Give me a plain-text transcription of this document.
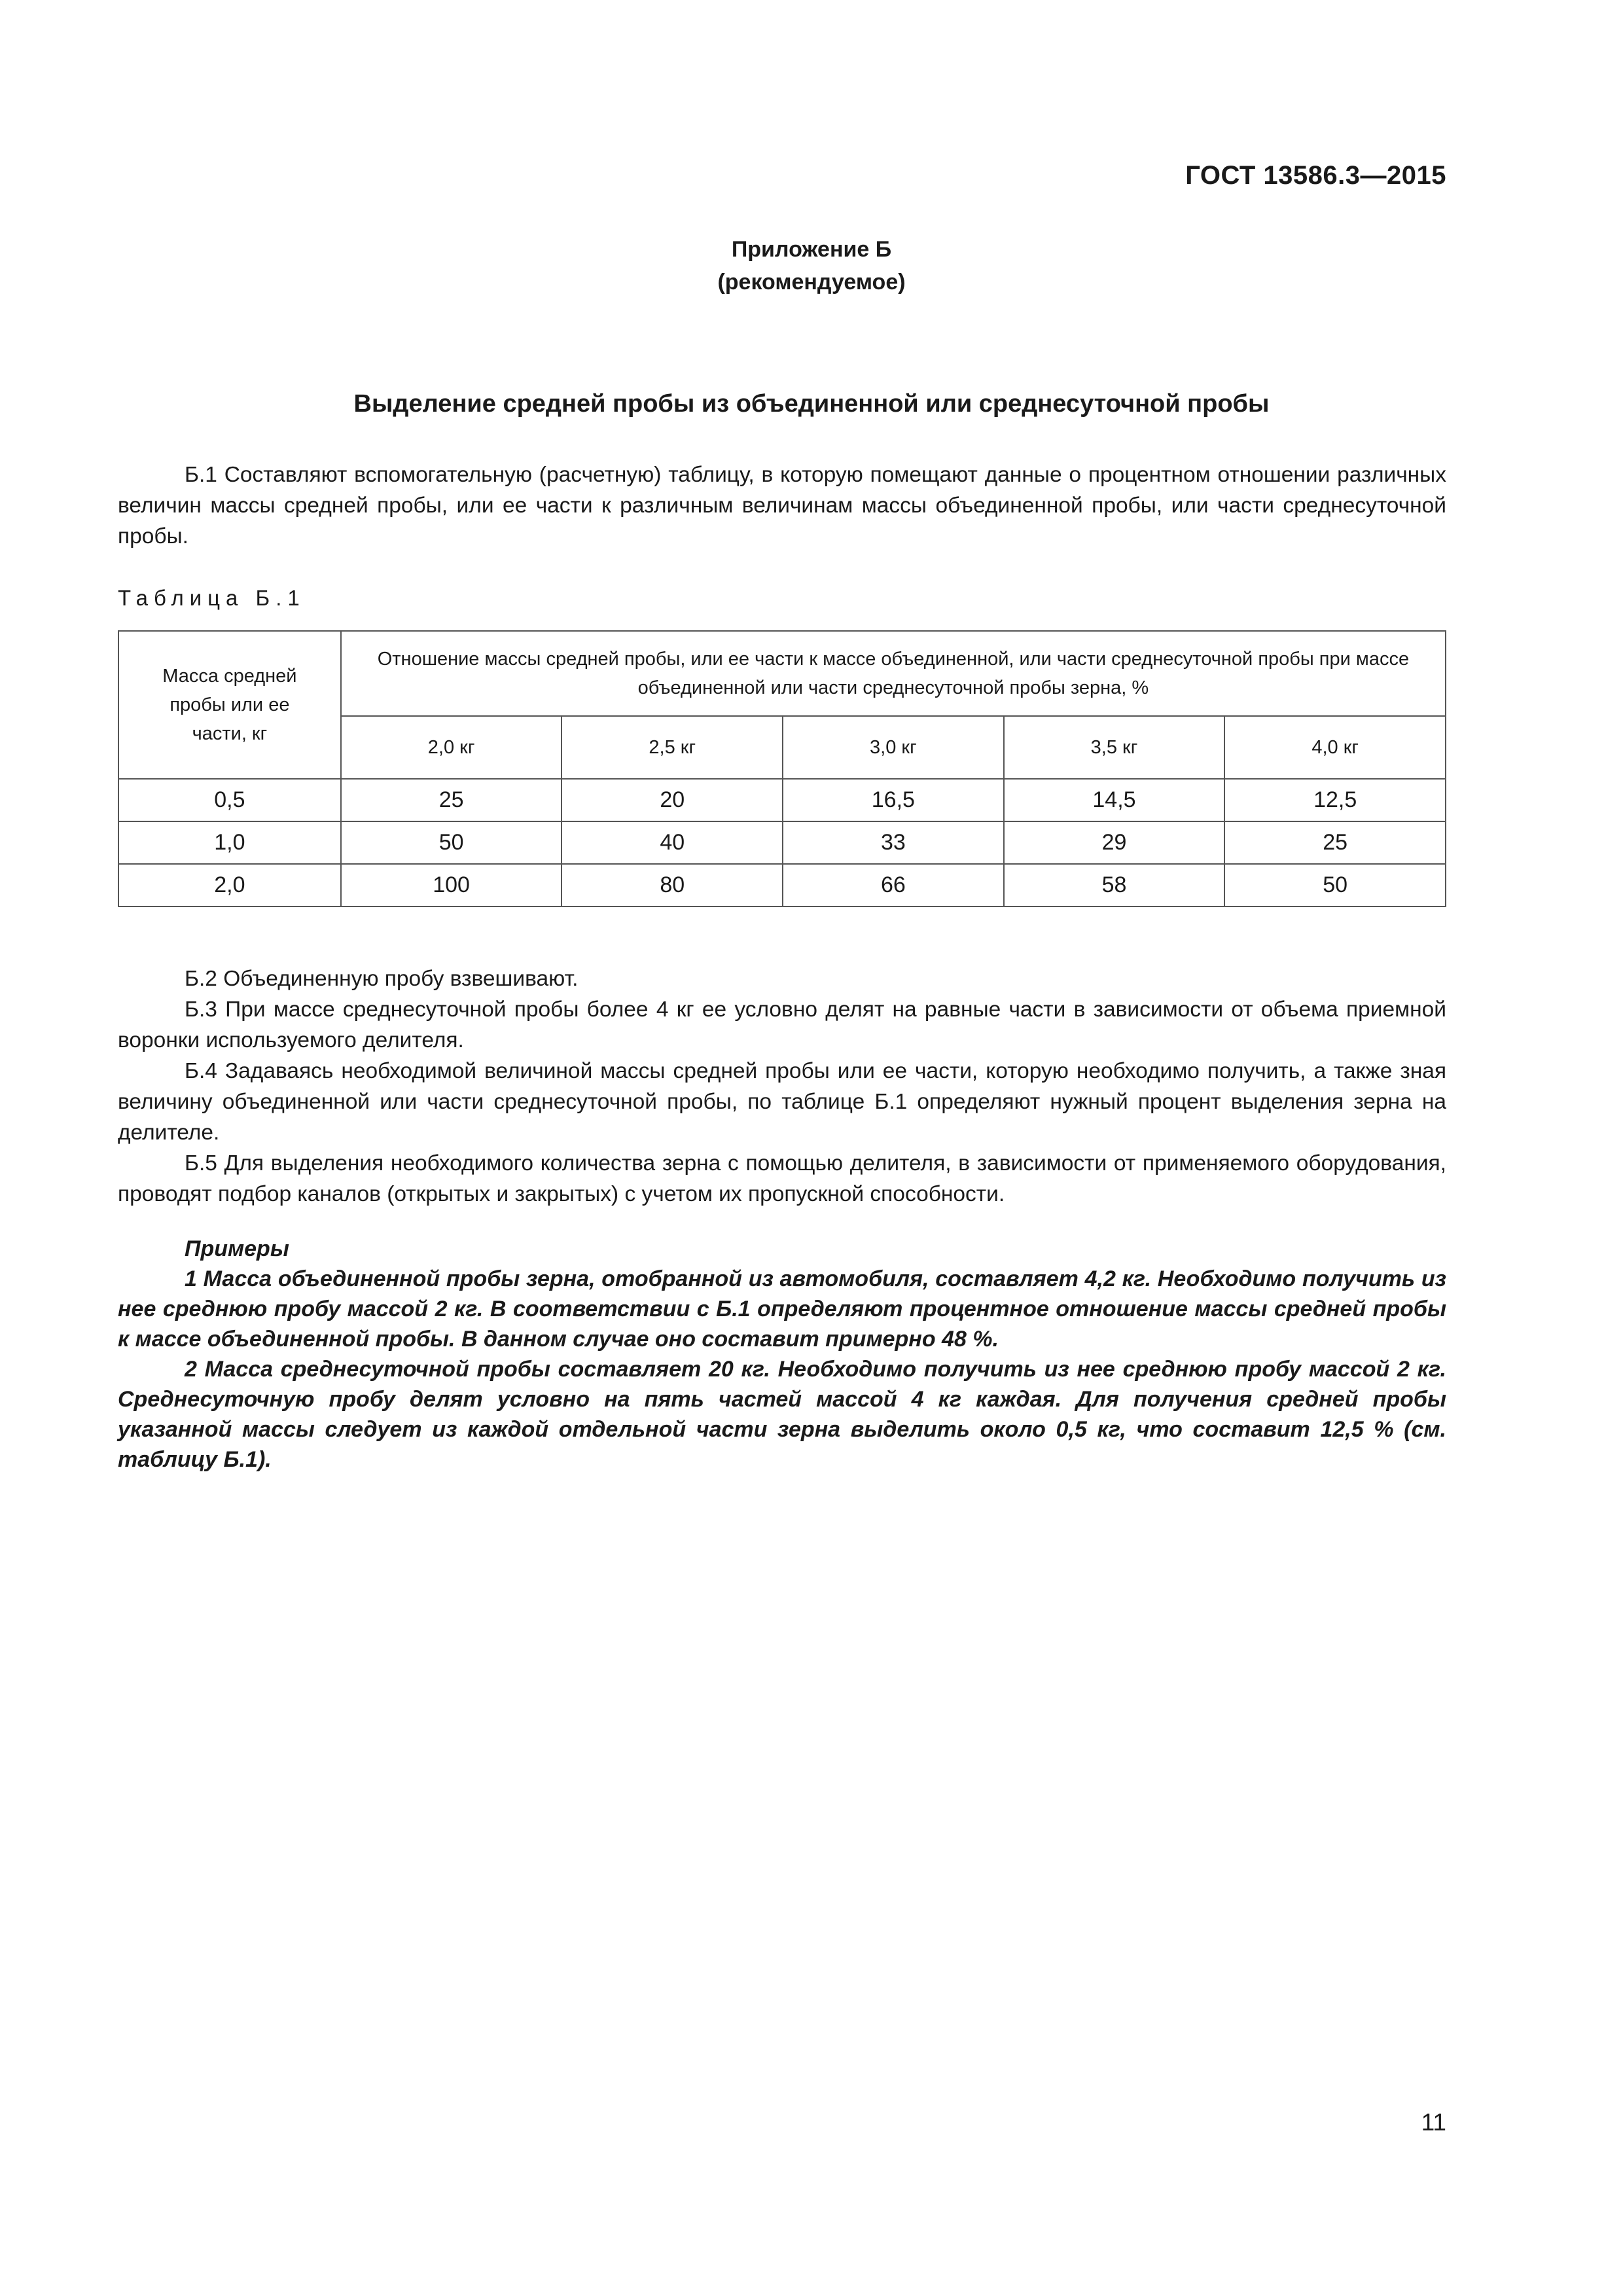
ГОСТ 13586.3—2015
Приложение Б
(рекомендуемое)
Выделение средней пробы из объединенной или среднесуточной пробы

Б.1 Составляют вспомогательную (расчетную) таблицу, в которую помещают данные о процентном отношении различных величин массы средней пробы, или ее части к различным величинам массы объединенной пробы, или части среднесуточной пробы.

Таблица Б.1
Масса средней пробы или ее части, кг	Отношение массы средней пробы, или ее части к массе объединенной, или части среднесуточной пробы при массе объединенной или части среднесуточной пробы зерна, %				
	2,0 кг	2,5 кг	3,0 кг	3,5 кг	4,0 кг
0,5	25	20	16,5	14,5	12,5
1,0	50	40	33	29	25
2,0	100	80	66	58	50

Б.2 Объединенную пробу взвешивают.

Б.3 При массе среднесуточной пробы более 4 кг ее условно делят на равные части в зависимости от объема приемной воронки используемого делителя.

Б.4 Задаваясь необходимой величиной массы средней пробы или ее части, которую необходимо получить, а также зная величину объединенной или части среднесуточной пробы, по таблице Б.1 определяют нужный процент выделения зерна на делителе.

Б.5 Для выделения необходимого количества зерна с помощью делителя, в зависимости от применяемого оборудования, проводят подбор каналов (открытых и закрытых) с учетом их пропускной способности.

Примеры

1 Масса объединенной пробы зерна, отобранной из автомобиля, составляет 4,2 кг. Необходимо получить из нее среднюю пробу массой 2 кг. В соответствии с Б.1 определяют процентное отношение массы средней пробы к массе объединенной пробы. В данном случае оно составит примерно 48 %.

2 Масса среднесуточной пробы составляет 20 кг. Необходимо получить из нее среднюю пробу массой 2 кг. Среднесуточную пробу делят условно на пять частей массой 4 кг каждая. Для получения средней пробы указанной массы следует из каждой отдельной части зерна выделить около 0,5 кг, что составит 12,5 % (см. таблицу Б.1).

11
